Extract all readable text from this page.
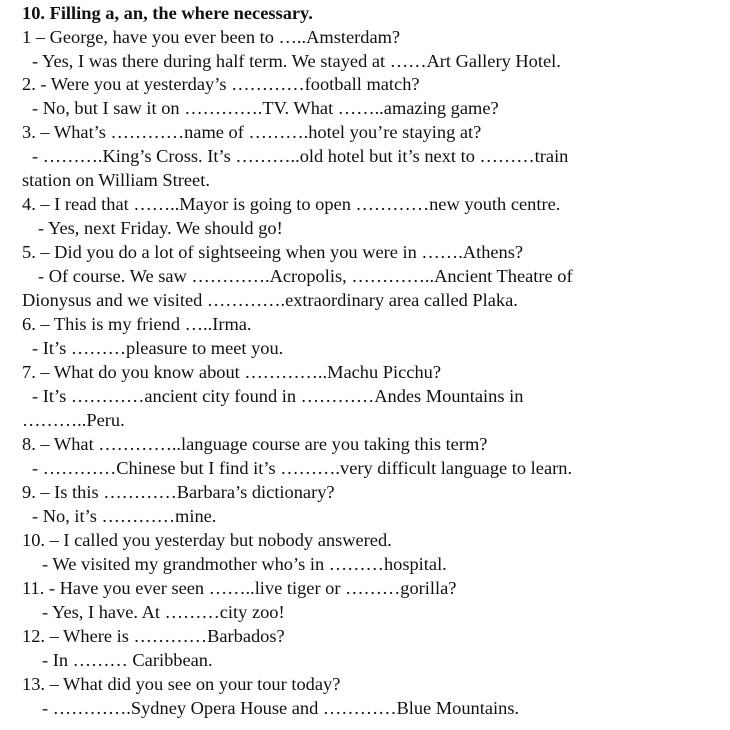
10. Filling a, an, the where necessary.
1 – George, have you ever been to …..Amsterdam?
- Yes, I was there during half term. We stayed at ……Art Gallery Hotel.
2. - Were you at yesterday’s …………football match?
- No, but I saw it on ………….TV. What ……..amazing game?
3. – What’s …………name of ……….hotel you’re staying at?
- ……….King’s Cross. It’s ………..old hotel but it’s next to ………train
station on William Street.
4. – I read that ……..Mayor is going to open …………new youth centre.
- Yes, next Friday. We should go!
5. – Did you do a lot of sightseeing when you were in …….Athens?
- Of course. We saw ………….Acropolis, …………..Ancient Theatre of
Dionysus and we visited ………….extraordinary area called Plaka.
6. – This is my friend …..Irma.
- It’s ………pleasure to meet you.
7. – What do you know about …………..Machu Picchu?
- It’s …………ancient city found in …………Andes Mountains in
………..Peru.
8. – What …………..language course are you taking this term?
- …………Chinese but I find it’s ……….very difficult language to learn.
9. – Is this …………Barbara’s dictionary?
- No, it’s …………mine.
10. – I called you yesterday but nobody answered.
- We visited my grandmother who’s in ………hospital.
11. - Have you ever seen ……..live tiger or ………gorilla?
- Yes, I have. At ………city zoo!
12. – Where is …………Barbados?
- In ……… Caribbean.
13. – What did you see on your tour today?
- ………….Sydney Opera House and …………Blue Mountains.
